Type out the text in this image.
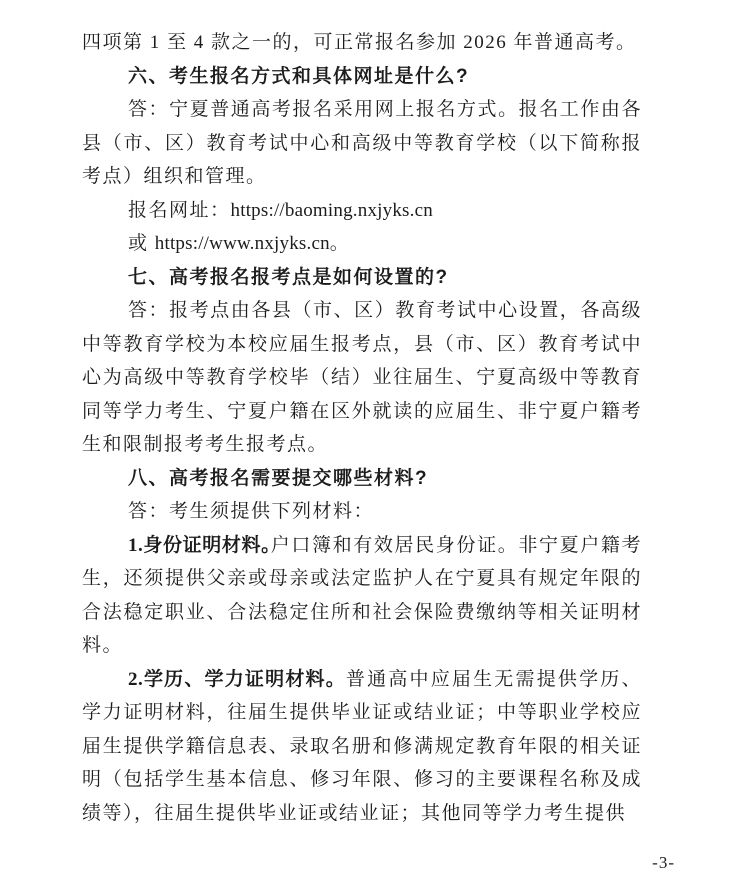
四项第 1 至 4 款之一的，可正常报名参加 2026 年普通高考。

六、考生报名方式和具体网址是什么?

答：宁夏普通高考报名采用网上报名方式。报名工作由各县（市、区）教育考试中心和高级中等教育学校（以下简称报考点）组织和管理。

报名网址：https://baoming.nxjyks.cn

或 https://www.nxjyks.cn。

七、高考报名报考点是如何设置的?

答：报考点由各县（市、区）教育考试中心设置，各高级中等教育学校为本校应届生报考点，县（市、区）教育考试中心为高级中等教育学校毕（结）业往届生、宁夏高级中等教育同等学力考生、宁夏户籍在区外就读的应届生、非宁夏户籍考生和限制报考考生报考点。

八、高考报名需要提交哪些材料?

答：考生须提供下列材料：

1.身份证明材料。户口簿和有效居民身份证。非宁夏户籍考生，还须提供父亲或母亲或法定监护人在宁夏具有规定年限的合法稳定职业、合法稳定住所和社会保险费缴纳等相关证明材料。

2.学历、学力证明材料。普通高中应届生无需提供学历、学力证明材料，往届生提供毕业证或结业证；中等职业学校应届生提供学籍信息表、录取名册和修满规定教育年限的相关证明（包括学生基本信息、修习年限、修习的主要课程名称及成绩等），往届生提供毕业证或结业证；其他同等学力考生提供

-3-
